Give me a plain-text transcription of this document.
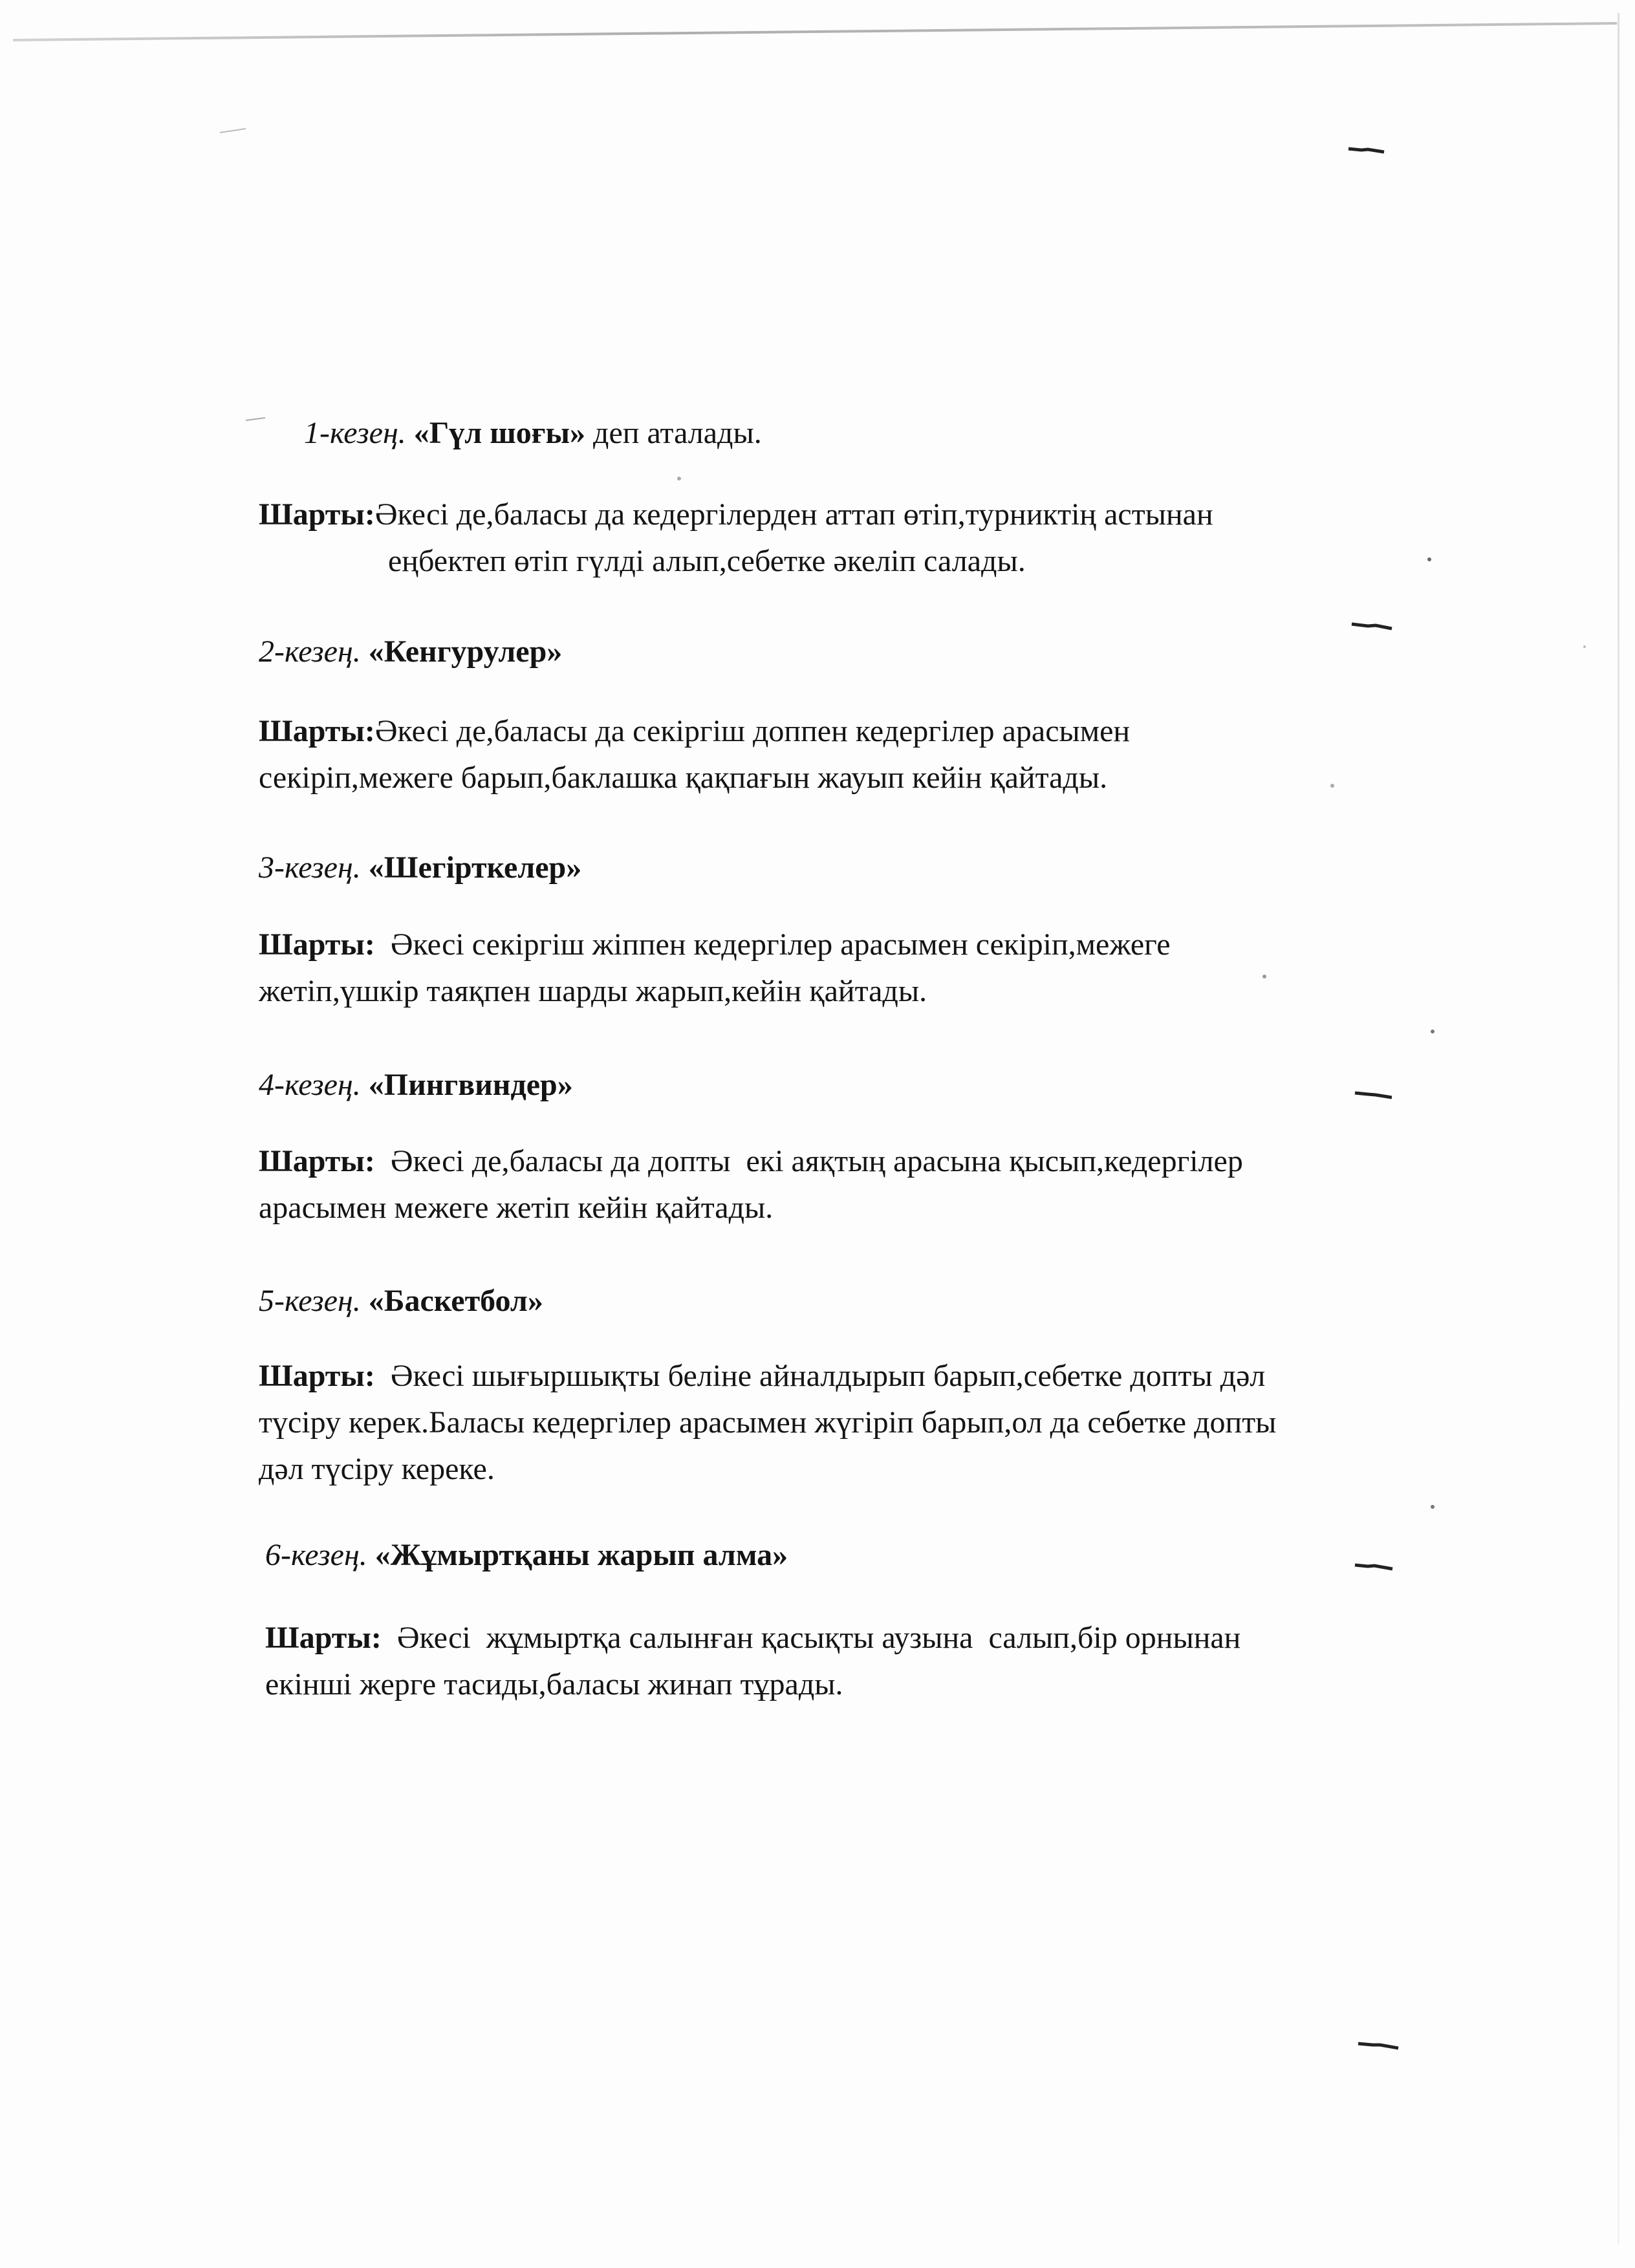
1-кезең. «Гүл шоғы» деп аталады.
Шарты:Әкесі де,баласы да кедергілерден аттап өтіп,турниктің астынан
еңбектеп өтіп гүлді алып,себетке әкеліп салады.
2-кезең. «Кенгурулер»
Шарты:Әкесі де,баласы да секіргіш доппен кедергілер арасымен
секіріп,межеге барып,баклашка қақпағын жауып кейін қайтады.
3-кезең. «Шегірткелер»
Шарты:  Әкесі секіргіш жіппен кедергілер арасымен секіріп,межеге
жетіп,үшкір таяқпен шарды жарып,кейін қайтады.
4-кезең. «Пингвиндер»
Шарты:  Әкесі де,баласы да допты  екі аяқтың арасына қысып,кедергілер
арасымен межеге жетіп кейін қайтады.
5-кезең. «Баскетбол»
Шарты:  Әкесі шығыршықты беліне айналдырып барып,себетке допты дәл
түсіру керек.Баласы кедергілер арасымен жүгіріп барып,ол да себетке допты
дәл түсіру кереке.
6-кезең. «Жұмыртқаны жарып алма»
Шарты:  Әкесі  жұмыртқа салынған қасықты аузына  салып,бір орнынан
екінші жерге тасиды,баласы жинап тұрады.
